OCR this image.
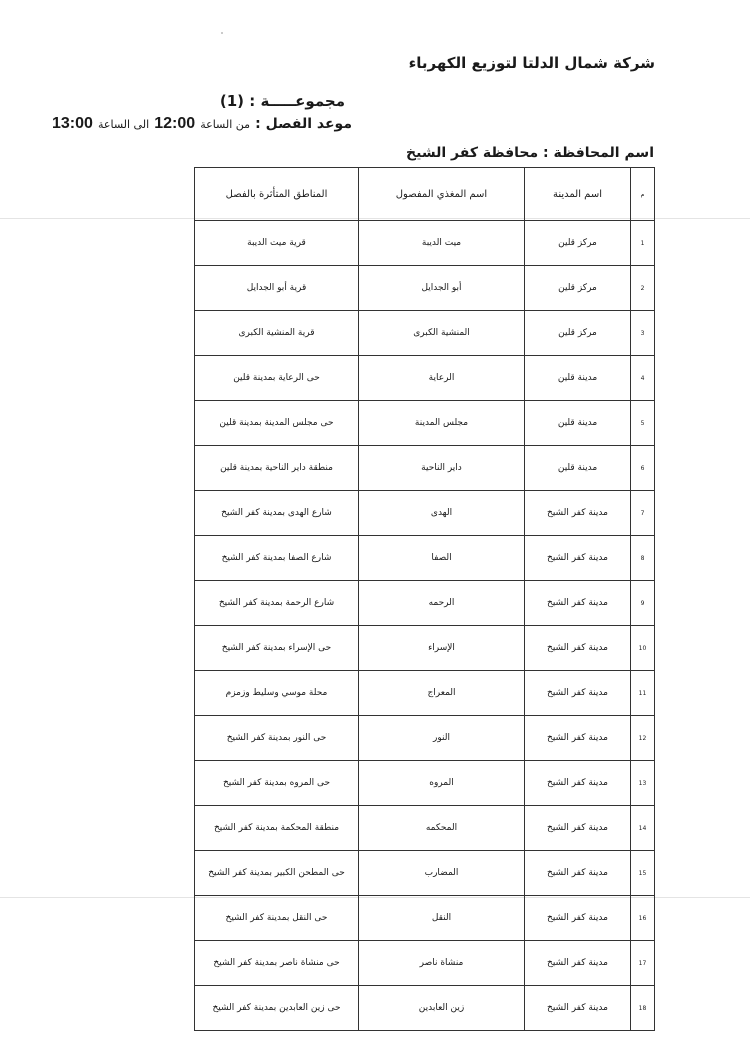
شركة شمال الدلتا لتوزيع الكهرباء
مجموعـــــة : (1)
موعد الفصل : من الساعة 12:00 الى الساعة 13:00
اسم المحافظة : محافظة كفر الشيخ
م	اسم المدينة	اسم المغذي المفصول	المناطق المتأثرة بالفصل
1	مركز قلين	ميت الديبة	قرية ميت الديبة
2	مركز قلين	أبو الجدايل	قرية أبو الجدايل
3	مركز قلين	المنشية الكبرى	قرية المنشية الكبرى
4	مدينة قلين	الرعاية	حى الرعاية بمدينة قلين
5	مدينة قلين	مجلس المدينة	حى مجلس المدينة بمدينة قلين
6	مدينة قلين	داير الناحية	منطقة داير الناحية بمدينة قلين
7	مدينة كفر الشيخ	الهدى	شارع الهدى بمدينة كفر الشيخ
8	مدينة كفر الشيخ	الصفا	شارع الصفا بمدينة كفر الشيخ
9	مدينة كفر الشيخ	الرحمه	شارع الرحمة بمدينة كفر الشيخ
10	مدينة كفر الشيخ	الإسراء	حى الإسراء بمدينة كفر الشيخ
11	مدينة كفر الشيخ	المعراج	محلة موسي وسليط وزمزم
12	مدينة كفر الشيخ	النور	حى النور بمدينة كفر الشيخ
13	مدينة كفر الشيخ	المروه	حى المروه بمدينة كفر الشيخ
14	مدينة كفر الشيخ	المحكمه	منطقة المحكمة بمدينة كفر الشيخ
15	مدينة كفر الشيخ	المضارب	حى المطحن الكبير بمدينة كفر الشيخ
16	مدينة كفر الشيخ	النقل	حى النقل بمدينة كفر الشيخ
17	مدينة كفر الشيخ	منشاة ناصر	حى منشاة ناصر بمدينة كفر الشيخ
18	مدينة كفر الشيخ	زين العابدين	حى زين العابدين بمدينة كفر الشيخ
